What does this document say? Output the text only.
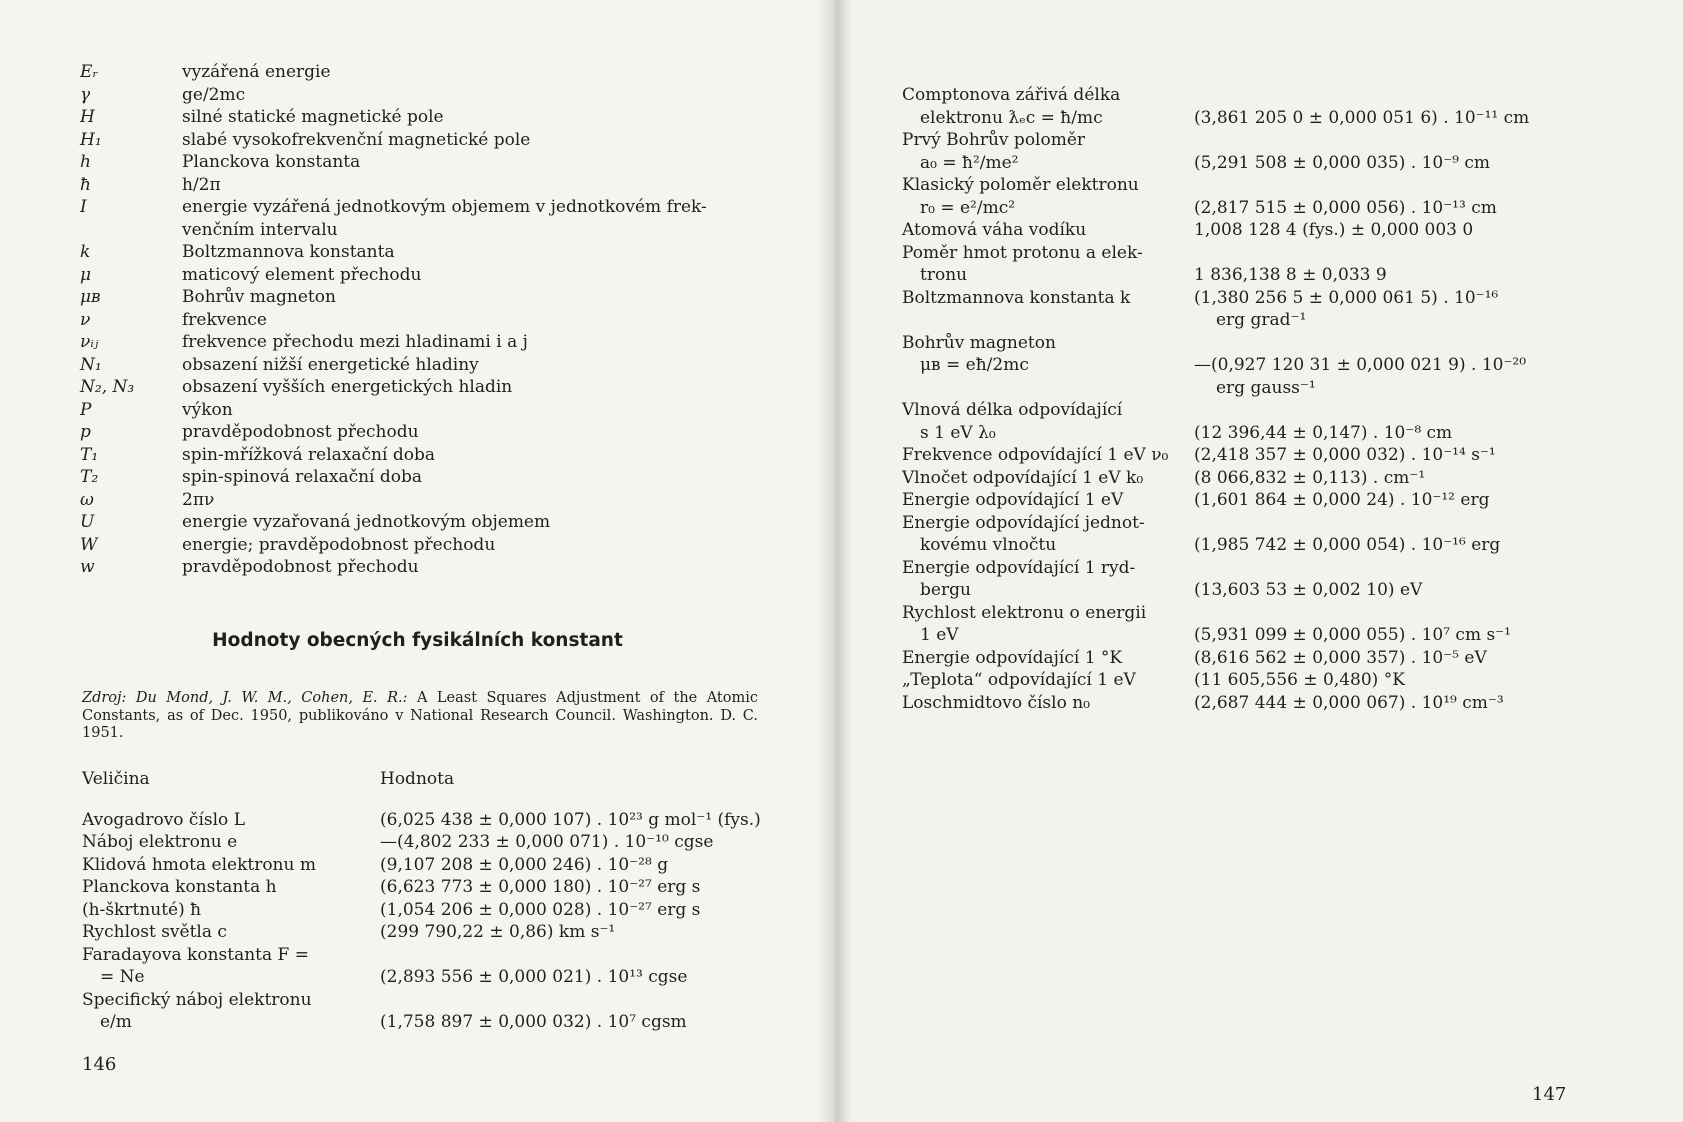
Eᵣ	vyzářená energie
γ	ge/2mc
H	silné statické magnetické pole
H₁	slabé vysokofrekvenční magnetické pole
h	Planckova konstanta
ħ	h/2π
I	energie vyzářená jednotkovým objemem v jednotkovém frek-
venčním intervalu
k	Boltzmannova konstanta
μ	maticový element přechodu
μʙ	Bohrův magneton
ν	frekvence
νᵢⱼ	frekvence přechodu mezi hladinami i a j
N₁	obsazení nižší energetické hladiny
N₂, N₃	obsazení vyšších energetických hladin
P	výkon
p	pravděpodobnost přechodu
T₁	spin-mřížková relaxační doba
T₂	spin-spinová relaxační doba
ω	2πν
U	energie vyzařovaná jednotkovým objemem
W	energie; pravděpodobnost přechodu
w	pravděpodobnost přechodu
Hodnoty obecných fysikálních konstant
Zdroj: Du Mond, J. W. M., Cohen, E. R.: A Least Squares Adjustment of the Atomic Constants, as of Dec. 1950, publikováno v National Research Council. Washington. D. C. 1951.
Veličina	Hodnota
Avogadrovo číslo L	(6,025 438 ± 0,000 107) . 10²³ g mol⁻¹ (fys.)
Náboj elektronu e	—(4,802 233 ± 0,000 071) . 10⁻¹⁰ cgse
Klidová hmota elektronu m	(9,107 208 ± 0,000 246) . 10⁻²⁸ g
Planckova konstanta h	(6,623 773 ± 0,000 180) . 10⁻²⁷ erg s
(h-škrtnuté) ħ	(1,054 206 ± 0,000 028) . 10⁻²⁷ erg s
Rychlost světla c	(299 790,22 ± 0,86) km s⁻¹
Faradayova konstanta F =
= Ne	(2,893 556 ± 0,000 021) . 10¹³ cgse
Specifický náboj elektronu
e/m	(1,758 897 ± 0,000 032) . 10⁷ cgsm
146
147
Comptonova zářivá délka
elektronu ƛₑc = ħ/mc	(3,861 205 0 ± 0,000 051 6) . 10⁻¹¹ cm
Prvý Bohrův poloměr
a₀ = ħ²/me²	(5,291 508 ± 0,000 035) . 10⁻⁹ cm
Klasický poloměr elektronu
r₀ = e²/mc²	(2,817 515 ± 0,000 056) . 10⁻¹³ cm
Atomová váha vodíku	1,008 128 4 (fys.) ± 0,000 003 0
Poměr hmot protonu a elek-
tronu	1 836,138 8 ± 0,033 9
Boltzmannova konstanta k	(1,380 256 5 ± 0,000 061 5) . 10⁻¹⁶
erg grad⁻¹
Bohrův magneton
μʙ = eħ/2mc	—(0,927 120 31 ± 0,000 021 9) . 10⁻²⁰
erg gauss⁻¹
Vlnová délka odpovídající
s 1 eV λ₀	(12 396,44 ± 0,147) . 10⁻⁸ cm
Frekvence odpovídající 1 eV ν₀	(2,418 357 ± 0,000 032) . 10⁻¹⁴ s⁻¹
Vlnočet odpovídající 1 eV k₀	(8 066,832 ± 0,113) . cm⁻¹
Energie odpovídající 1 eV	(1,601 864 ± 0,000 24) . 10⁻¹² erg
Energie odpovídající jednot-
kovému vlnočtu	(1,985 742 ± 0,000 054) . 10⁻¹⁶ erg
Energie odpovídající 1 ryd-
bergu	(13,603 53 ± 0,002 10) eV
Rychlost elektronu o energii
1 eV	(5,931 099 ± 0,000 055) . 10⁷ cm s⁻¹
Energie odpovídající 1 °K	(8,616 562 ± 0,000 357) . 10⁻⁵ eV
„Teplota“ odpovídající 1 eV	(11 605,556 ± 0,480) °K
Loschmidtovo číslo n₀	(2,687 444 ± 0,000 067) . 10¹⁹ cm⁻³
